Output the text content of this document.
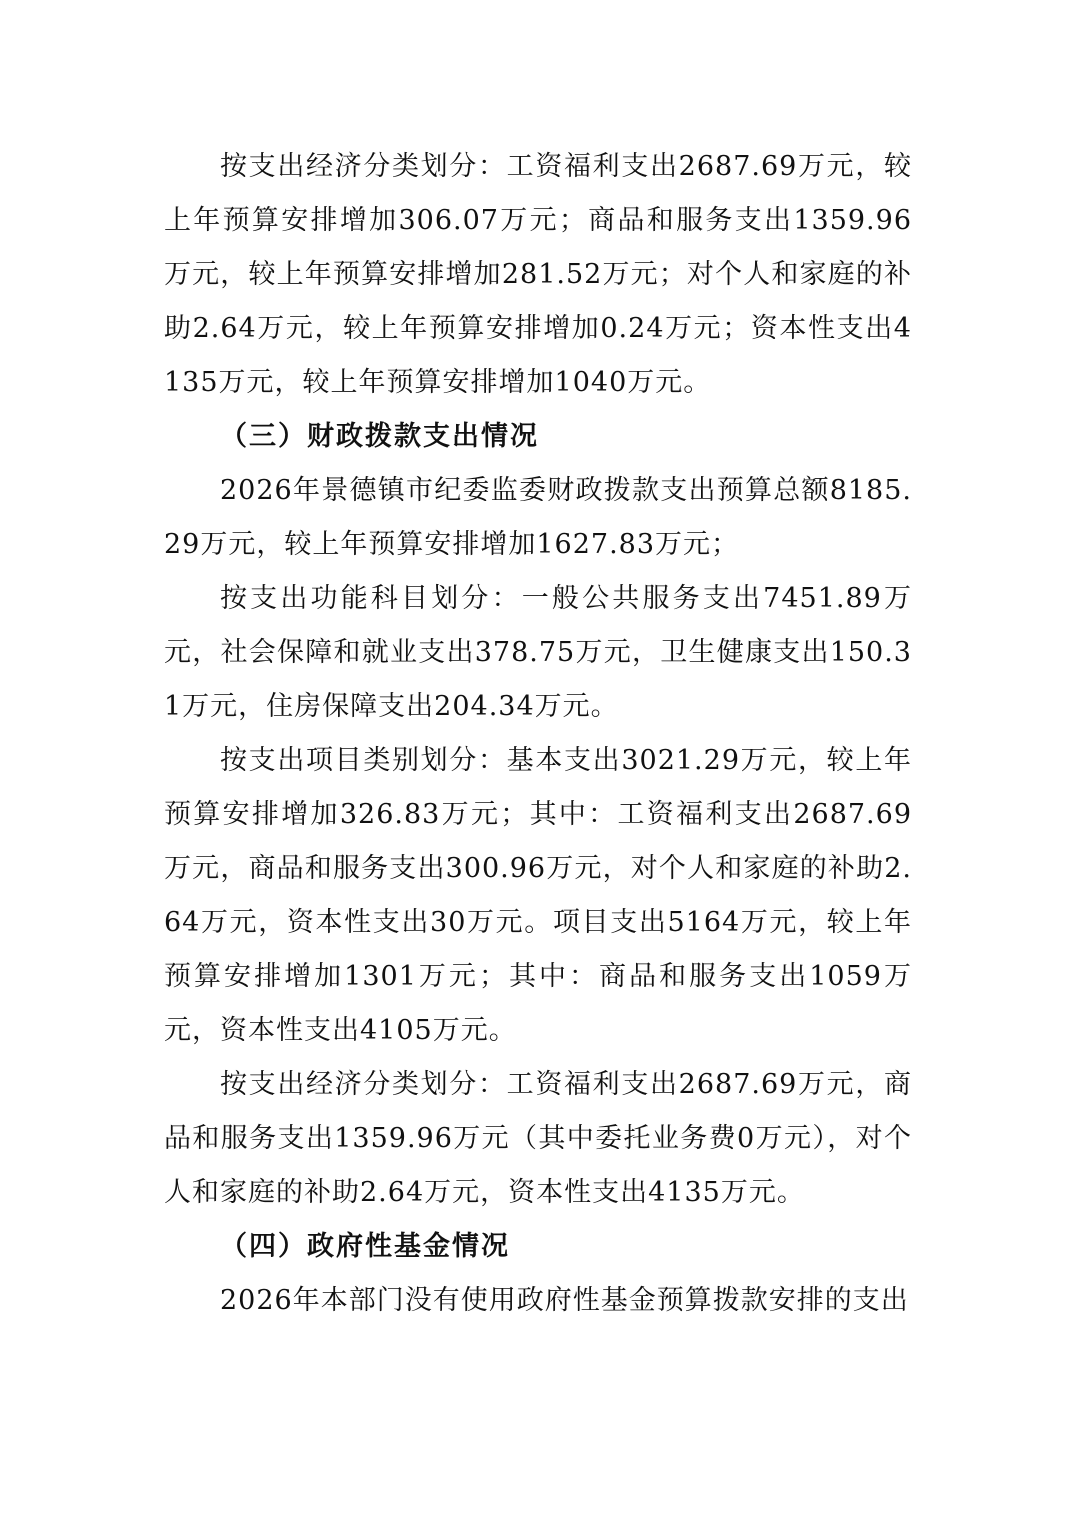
按支出经济分类划分：工资福利支出2687.69万元，较上年预算安排增加306.07万元；商品和服务支出1359.96万元，较上年预算安排增加281.52万元；对个人和家庭的补助2.64万元，较上年预算安排增加0.24万元；资本性支出4135万元，较上年预算安排增加1040万元。

（三）财政拨款支出情况

2026年景德镇市纪委监委财政拨款支出预算总额8185.29万元，较上年预算安排增加1627.83万元；

按支出功能科目划分：一般公共服务支出7451.89万元，社会保障和就业支出378.75万元，卫生健康支出150.31万元，住房保障支出204.34万元。

按支出项目类别划分：基本支出3021.29万元，较上年预算安排增加326.83万元；其中：工资福利支出2687.69万元，商品和服务支出300.96万元，对个人和家庭的补助2.64万元，资本性支出30万元。项目支出5164万元，较上年预算安排增加1301万元；其中：商品和服务支出1059万元，资本性支出4105万元。

按支出经济分类划分：工资福利支出2687.69万元，商品和服务支出1359.96万元（其中委托业务费0万元），对个人和家庭的补助2.64万元，资本性支出4135万元。

（四）政府性基金情况

2026年本部门没有使用政府性基金预算拨款安排的支出
